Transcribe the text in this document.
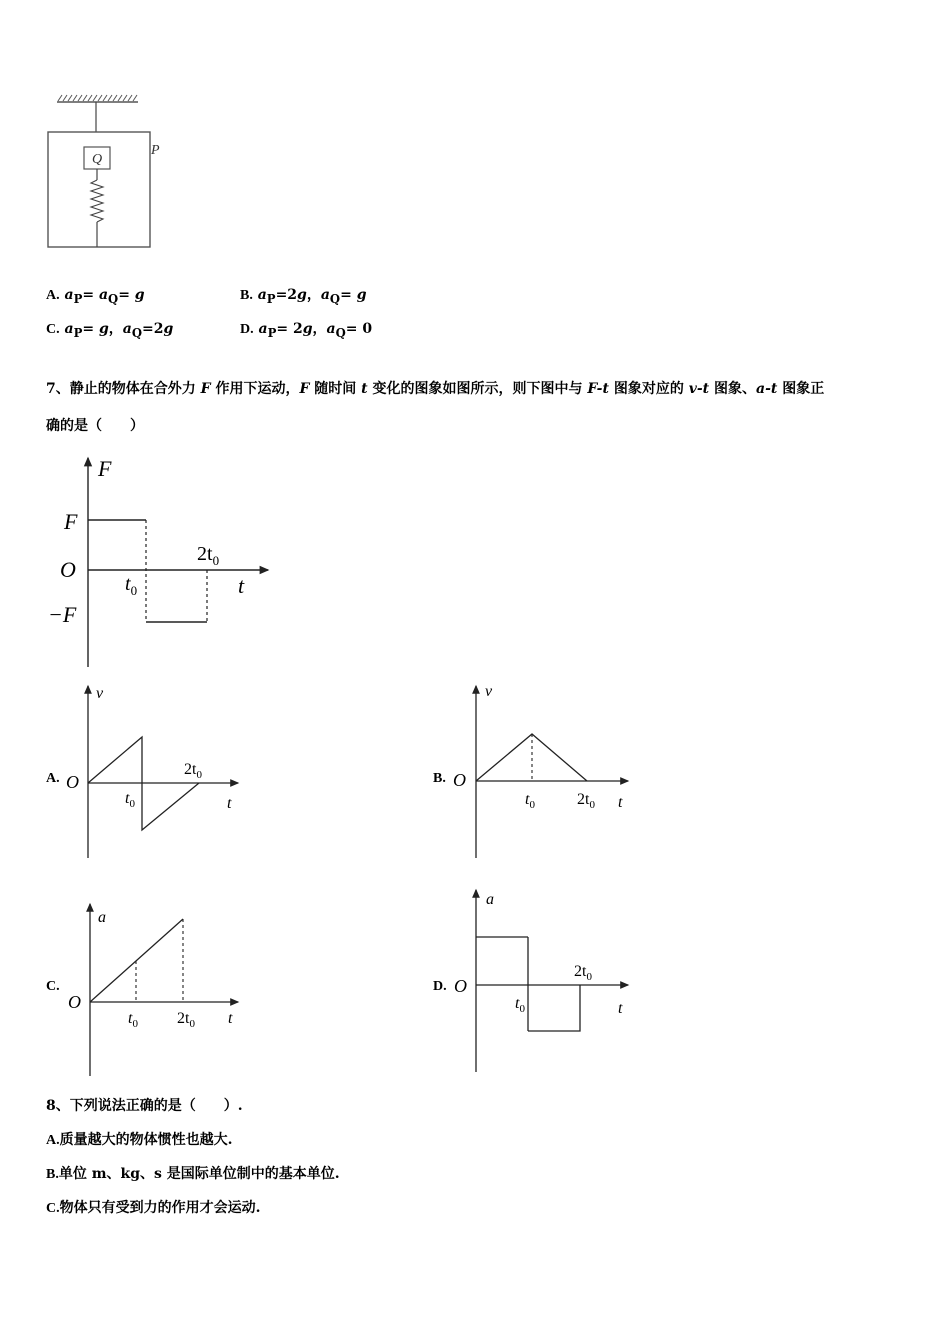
Q
P
A. $a_P= a_Q= g$	B. $a_P=2g$，$a_Q= g$
C. $a_P= g$，$a_Q=2g$	D. $a_P= 2g$，$a_Q= 0$
7、静止的物体在合外力 F 作用下运动，F 随时间 t 变化的图象如图所示，则下图中与 F-t 图象对应的 v-t 图象、a-t 图象正
确的是（　　）
F
F
O
−F
t
$t_0$
$2t_0$
A.
v
O
t
$t_0$
$2t_0$	B.
v
O
t
$t_0$	$2t_0$
C.
a
O
t
$t_0$ $2t_0$
D.
a
O
t
$t_0$
$2t_0$
8、下列说法正确的是（　　）.
A.质量越大的物体惯性也越大.
B.单位 m、kg、s 是国际单位制中的基本单位.
C.物体只有受到力的作用才会运动.
